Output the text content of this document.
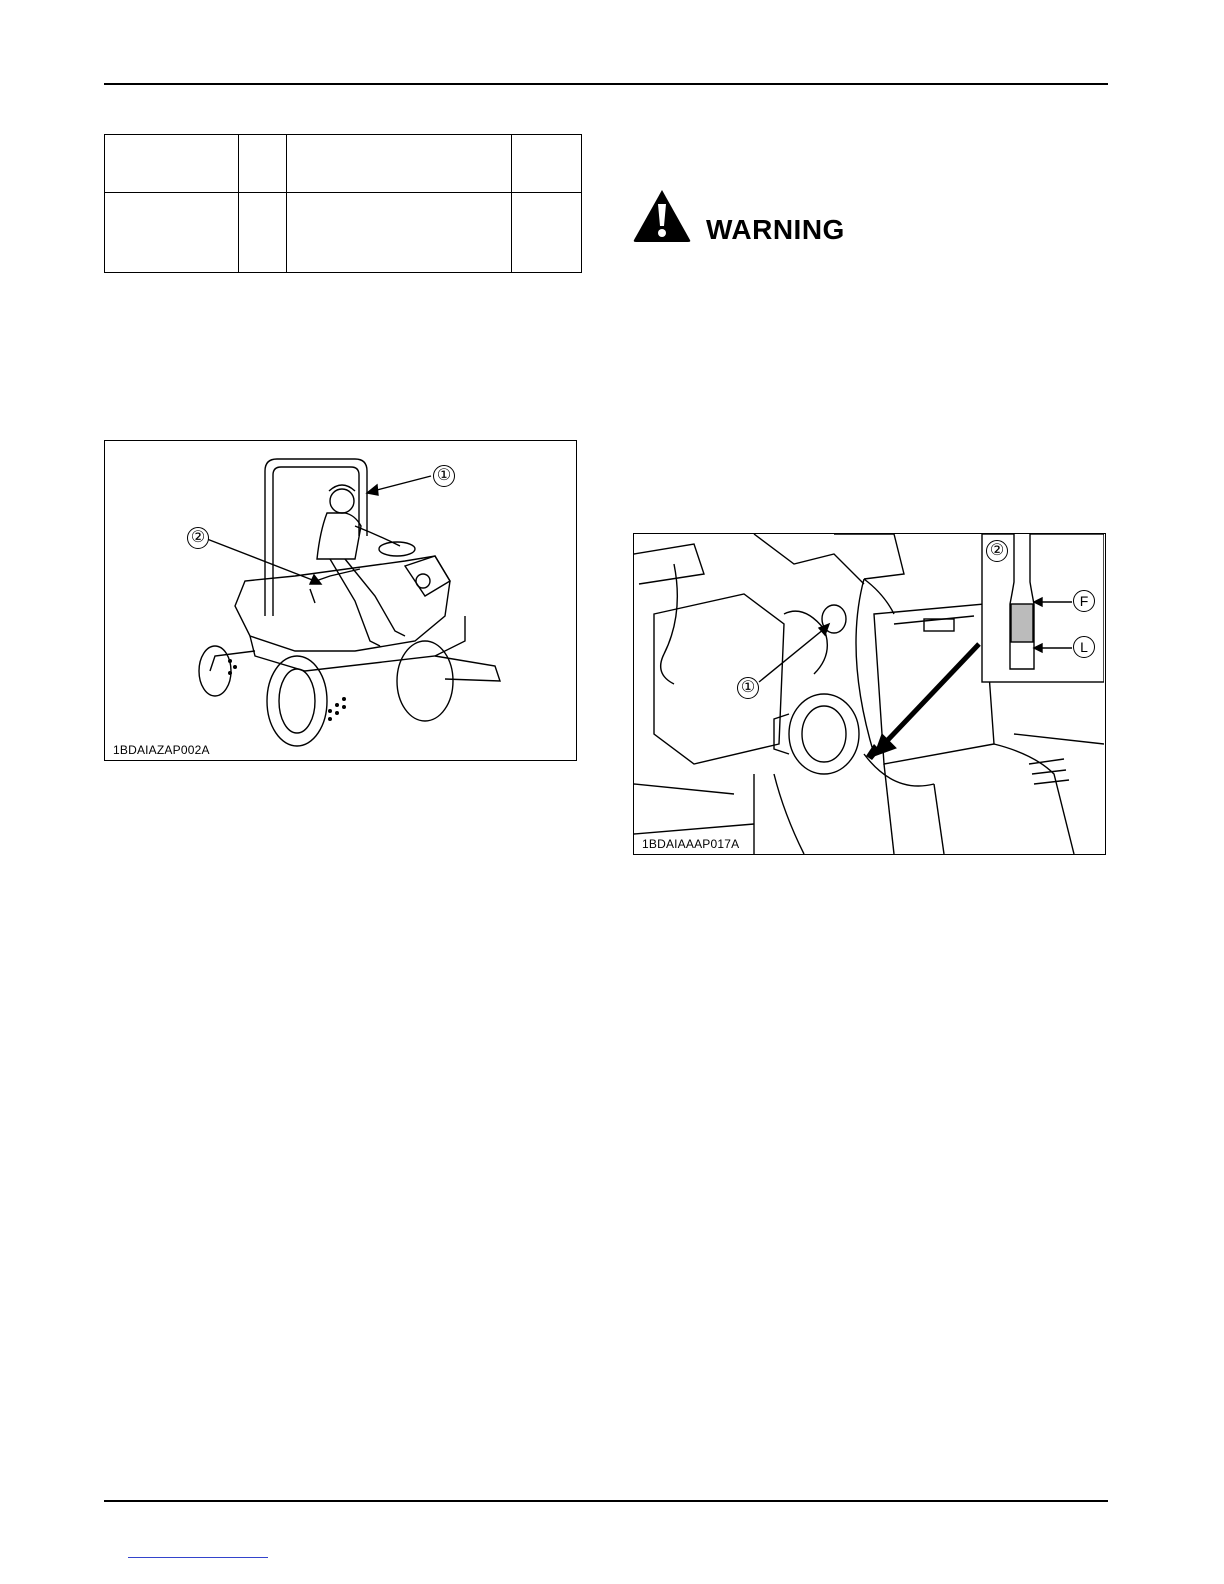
WARNING
①
②
1BDAIAZAP002A
①
②
F
L
1BDAIAAAP017A
